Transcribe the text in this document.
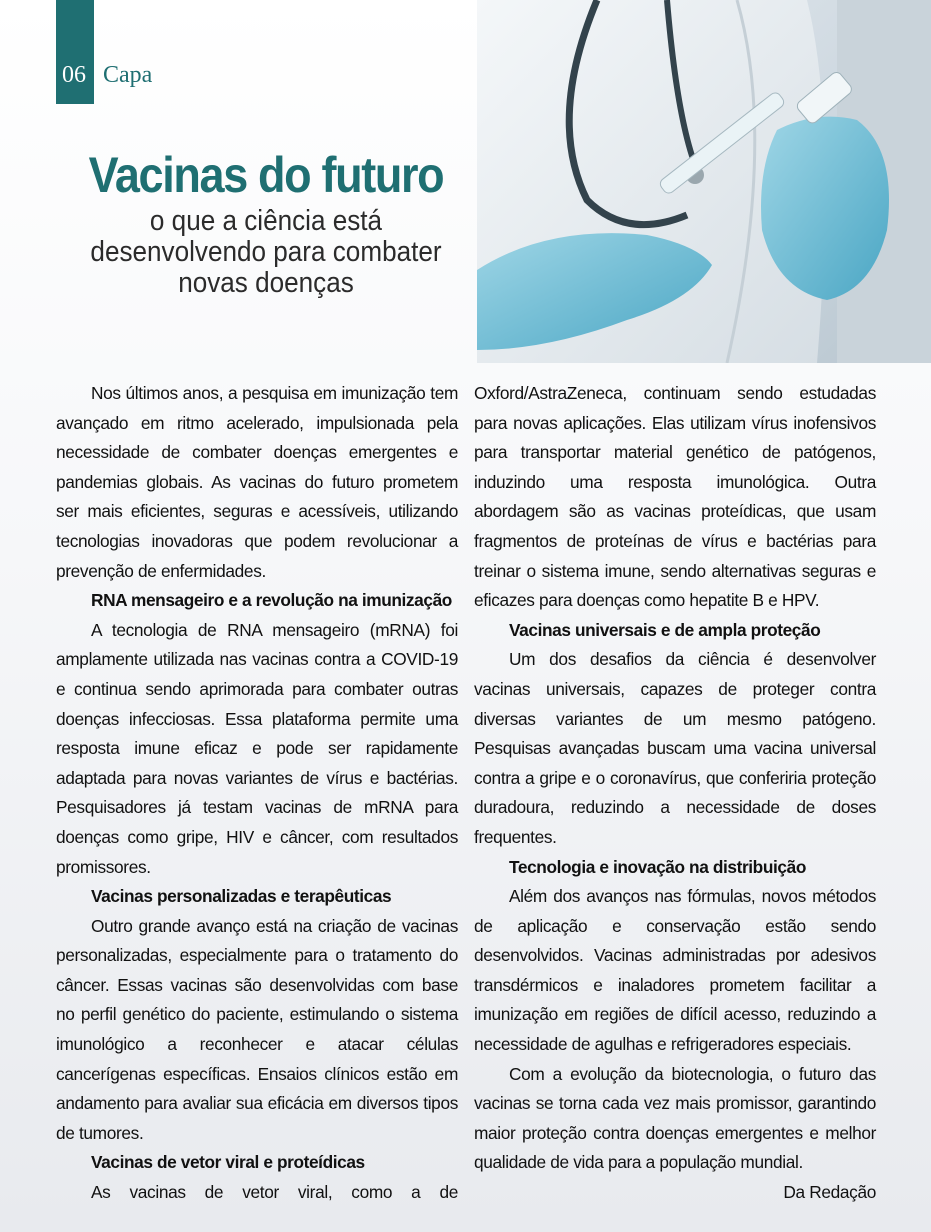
06 Capa
Vacinas do futuro

o que a ciência está desenvolvendo para combater novas doenças

Nos últimos anos, a pesquisa em imunização tem avançado em ritmo acelerado, impulsionada pela necessidade de combater doenças emergentes e pandemias globais. As vacinas do futuro prometem ser mais eficientes, seguras e acessíveis, utilizando tecnologias inovadoras que podem revolucionar a prevenção de enfermidades.

RNA mensageiro e a revolução na imunização

A tecnologia de RNA mensageiro (mRNA) foi amplamente utilizada nas vacinas contra a COVID-19 e continua sendo aprimorada para combater outras doenças infecciosas. Essa plataforma permite uma resposta imune eficaz e pode ser rapidamente adaptada para novas variantes de vírus e bactérias. Pesquisadores já testam vacinas de mRNA para doenças como gripe, HIV e câncer, com resultados promissores.

Vacinas personalizadas e terapêuticas

Outro grande avanço está na criação de vacinas personalizadas, especialmente para o tratamento do câncer. Essas vacinas são desenvolvidas com base no perfil genético do paciente, estimulando o sistema imunológico a reconhecer e atacar células cancerígenas específicas. Ensaios clínicos estão em andamento para avaliar sua eficácia em diversos tipos de tumores.

Vacinas de vetor viral e proteídicas

As vacinas de vetor viral, como a de

Oxford/AstraZeneca, continuam sendo estudadas para novas aplicações. Elas utilizam vírus inofensivos para transportar material genético de patógenos, induzindo uma resposta imunológica. Outra abordagem são as vacinas proteídicas, que usam fragmentos de proteínas de vírus e bactérias para treinar o sistema imune, sendo alternativas seguras e eficazes para doenças como hepatite B e HPV.

Vacinas universais e de ampla proteção

Um dos desafios da ciência é desenvolver vacinas universais, capazes de proteger contra diversas variantes de um mesmo patógeno. Pesquisas avançadas buscam uma vacina universal contra a gripe e o coronavírus, que conferiria proteção duradoura, reduzindo a necessidade de doses frequentes.

Tecnologia e inovação na distribuição

Além dos avanços nas fórmulas, novos métodos de aplicação e conservação estão sendo desenvolvidos. Vacinas administradas por adesivos transdérmicos e inaladores prometem facilitar a imunização em regiões de difícil acesso, reduzindo a necessidade de agulhas e refrigeradores especiais.

Com a evolução da biotecnologia, o futuro das vacinas se torna cada vez mais promissor, garantindo maior proteção contra doenças emergentes e melhor qualidade de vida para a população mundial.

Da Redação
